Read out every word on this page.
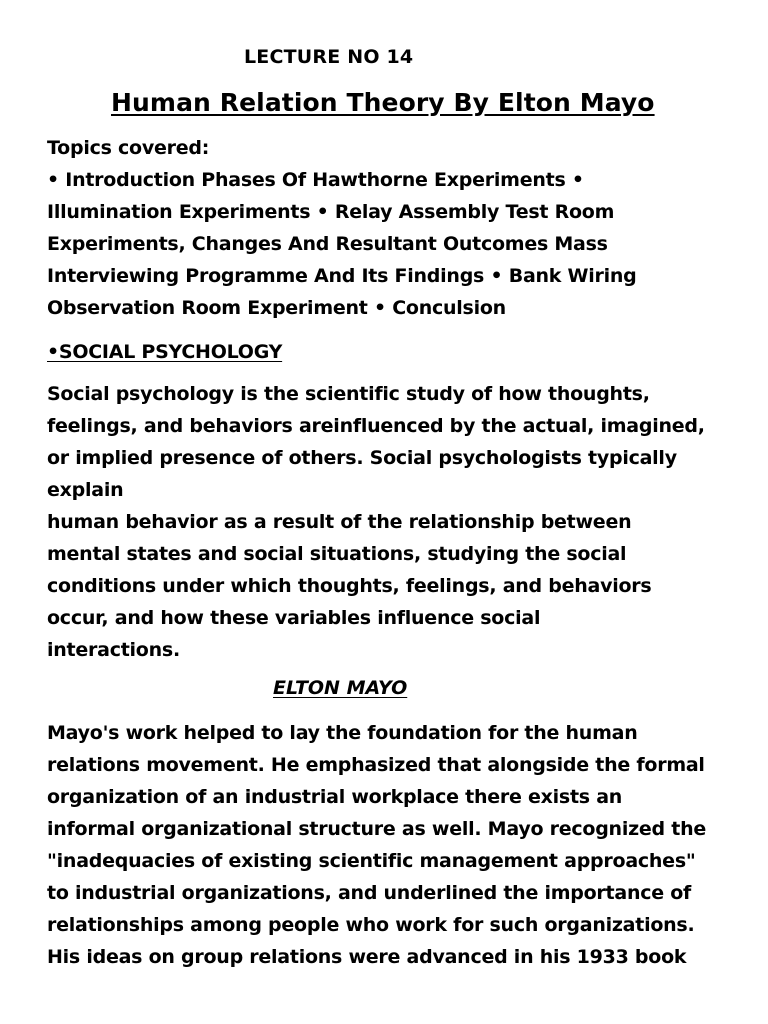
LECTURE NO 14
Human Relation Theory By Elton Mayo
Topics covered:
• Introduction Phases Of Hawthorne Experiments •
Illumination Experiments • Relay Assembly Test Room
Experiments, Changes And Resultant Outcomes Mass
Interviewing Programme And Its Findings • Bank Wiring
Observation Room Experiment • Conculsion
•SOCIAL PSYCHOLOGY
Social psychology is the scientific study of how thoughts,
feelings, and behaviors areinfluenced by the actual, imagined,
or implied presence of others. Social psychologists typically
explain
human behavior as a result of the relationship between
mental states and social situations, studying the social
conditions under which thoughts, feelings, and behaviors
occur, and how these variables influence social
interactions.
ELTON MAYO
Mayo's work helped to lay the foundation for the human
relations movement. He emphasized that alongside the formal
organization of an industrial workplace there exists an
informal organizational structure as well. Mayo recognized the
"inadequacies of existing scientific management approaches"
to industrial organizations, and underlined the importance of
relationships among people who work for such organizations.
His ideas on group relations were advanced in his 1933 book
